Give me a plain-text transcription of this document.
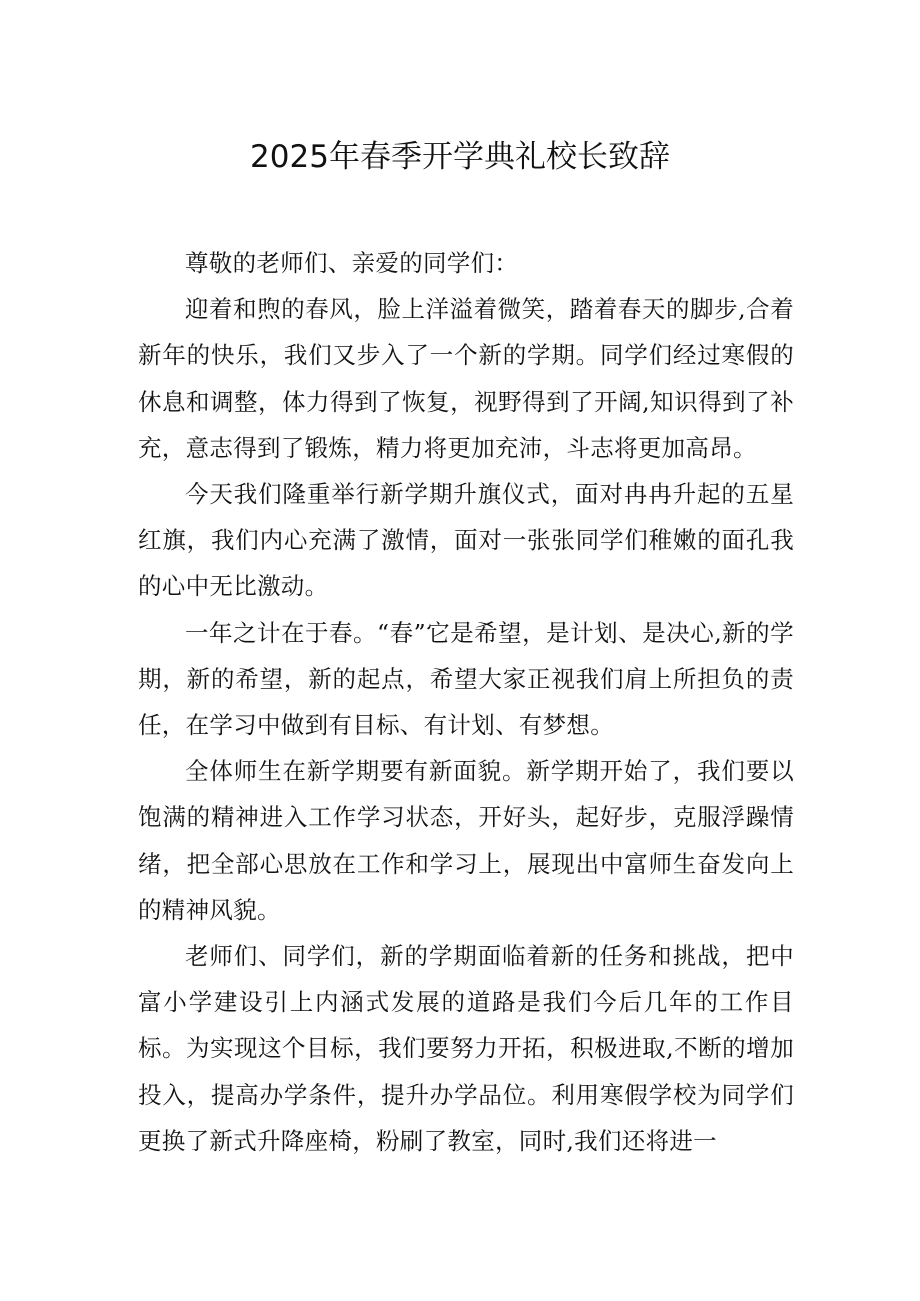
2025年春季开学典礼校长致辞

尊敬的老师们、亲爱的同学们：

迎着和煦的春风，脸上洋溢着微笑，踏着春天的脚步,合着新年的快乐，我们又步入了一个新的学期。同学们经过寒假的休息和调整，体力得到了恢复，视野得到了开阔,知识得到了补充，意志得到了锻炼，精力将更加充沛，斗志将更加高昂。

今天我们隆重举行新学期升旗仪式，面对冉冉升起的五星红旗，我们内心充满了激情，面对一张张同学们稚嫩的面孔我的心中无比激动。

一年之计在于春。“春”它是希望，是计划、是决心,新的学期，新的希望，新的起点，希望大家正视我们肩上所担负的责任，在学习中做到有目标、有计划、有梦想。

全体师生在新学期要有新面貌。新学期开始了，我们要以饱满的精神进入工作学习状态，开好头，起好步，克服浮躁情绪，把全部心思放在工作和学习上，展现出中富师生奋发向上的精神风貌。

老师们、同学们，新的学期面临着新的任务和挑战，把中富小学建设引上内涵式发展的道路是我们今后几年的工作目标。为实现这个目标，我们要努力开拓，积极进取,不断的增加投入，提高办学条件，提升办学品位。利用寒假学校为同学们更换了新式升降座椅，粉刷了教室，同时,我们还将进一
